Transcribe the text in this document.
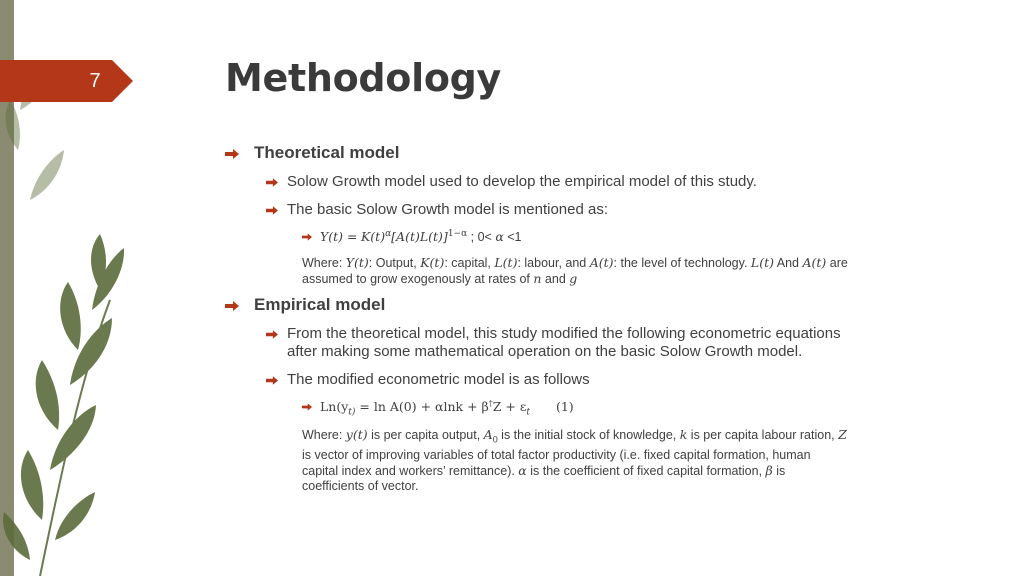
7	Methodology
Theoretical model
Solow Growth model used to develop the empirical model of this study.
The basic Solow Growth model is mentioned as:
$Y(t) = K(t)^\alpha[A(t)L(t)]^{1-\alpha}$ ; 0< α <1
Where: Y(t): Output, K(t): capital, L(t): labour, and A(t): the level of technology. L(t) And A(t) are
assumed to grow exogenously at rates of n and g
Empirical model
From the theoretical model, this study modified the following econometric equations
after making some mathematical operation on the basic Solow Growth model.
The modified econometric model is as follows
$Ln(y_{t)} = \ln A(0) + \alpha\ln k + \beta^\dagger Z + \varepsilon_t$ (1)
Where: y(t) is per capita output, $A_0$ is the initial stock of knowledge, k is per capita labour ration, Z
is vector of improving variables of total factor productivity (i.e. fixed capital formation, human
capital index and workers’ remittance). α is the coefficient of fixed capital formation, β is
coefficients of vector.
